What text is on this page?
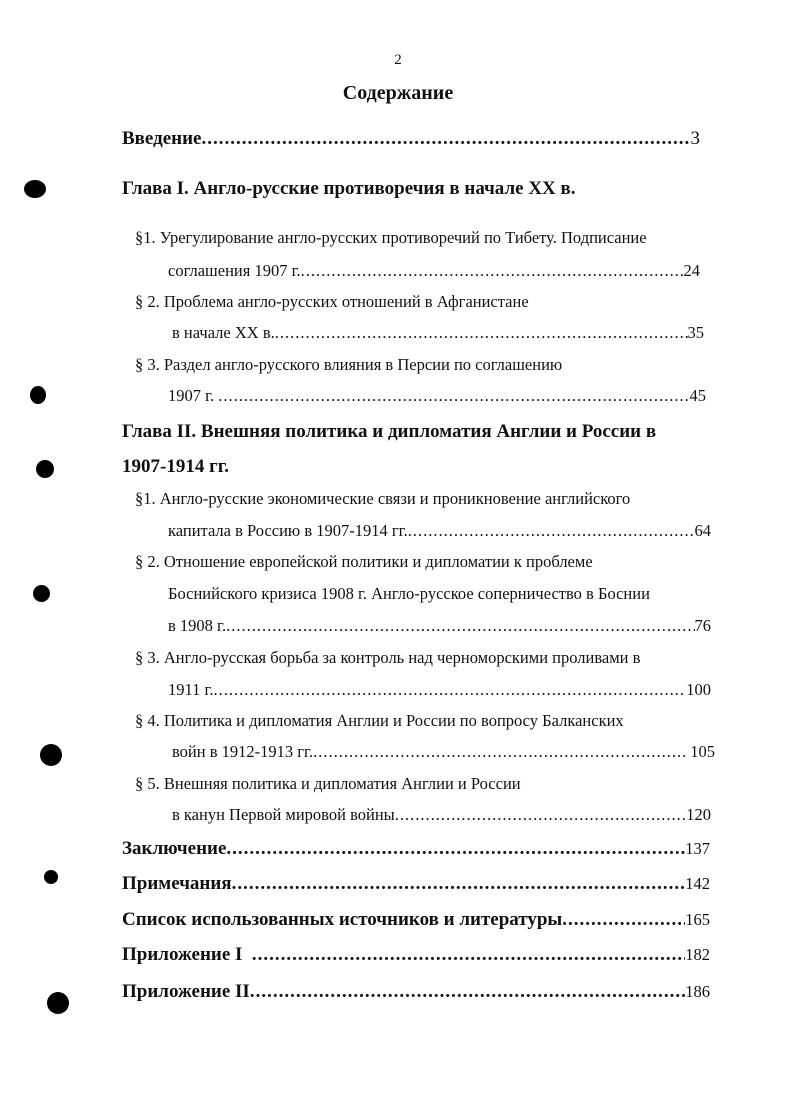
2
Содержание
Введение .....	3
Глава I. Англо-русские противоречия в начале XX в.
§1. Урегулирование англо-русских противоречий по Тибету. Подписание
соглашения 1907 г. .....	24
§ 2. Проблема англо-русских отношений в Афганистане
в начале XX в. .....	35
§ 3. Раздел англо-русского влияния в Персии по соглашению
1907 г. .....	45
Глава II. Внешняя политика и дипломатия Англии и России в
1907-1914 гг.
§1. Англо-русские экономические связи и проникновение английского
капитала в Россию в 1907-1914 гг. .....	64
§ 2. Отношение европейской политики и дипломатии к проблеме
Боснийского кризиса 1908 г. Англо-русское соперничество в Боснии
в 1908 г. .....	76
§ 3. Англо-русская борьба за контроль над черноморскими проливами в
1911 г. .....	100
§ 4. Политика и дипломатия Англии и России по вопросу Балканских
войн в 1912-1913 гг. .....	105
§ 5. Внешняя политика и дипломатия Англии и России
в канун Первой мировой войны .....	120
Заключение .....	137
Примечания .....	142
Список использованных источников и литературы .....	165
Приложение I .....	182
Приложение II .....	186
